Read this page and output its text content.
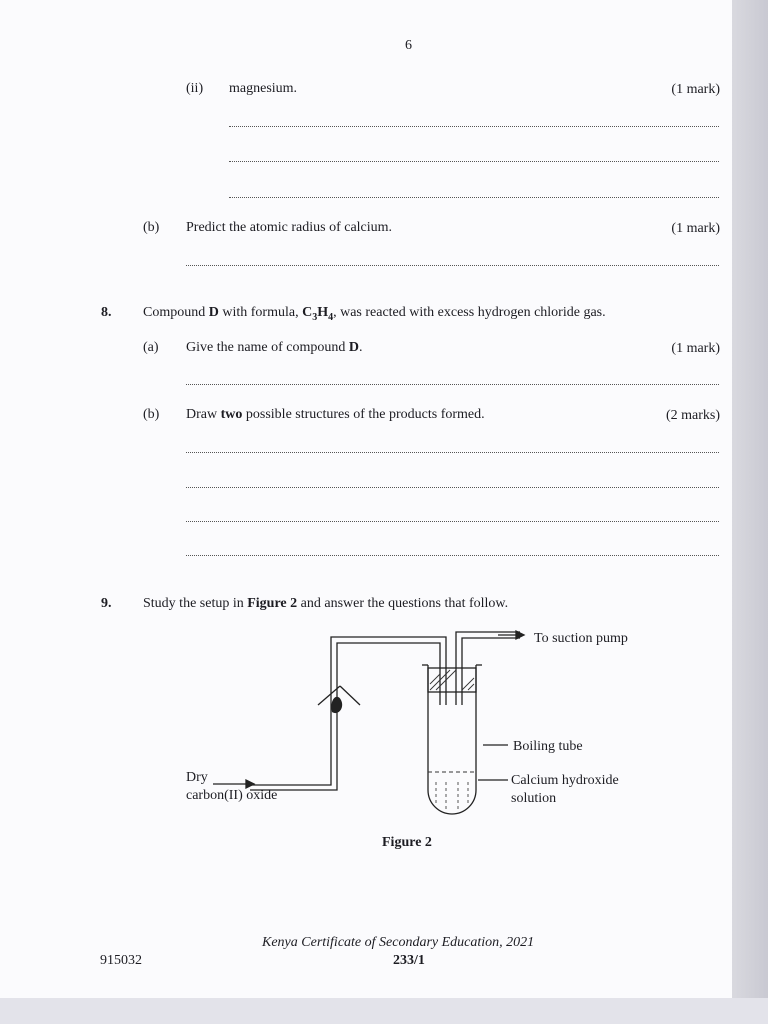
6
(ii) magnesium.	(1 mark)
(b) Predict the atomic radius of calcium.	(1 mark)
8. Compound D with formula, $C_3H_4$, was reacted with excess hydrogen chloride gas.
(a) Give the name of compound D.	(1 mark)
(b) Draw two possible structures of the products formed.	(2 marks)
9. Study the setup in Figure 2 and answer the questions that follow.
To suction pump
Boiling tube
Calcium hydroxide
solution
Dry
carbon(II) oxide
Figure 2
915032
Kenya Certificate of Secondary Education, 2021
233/1
